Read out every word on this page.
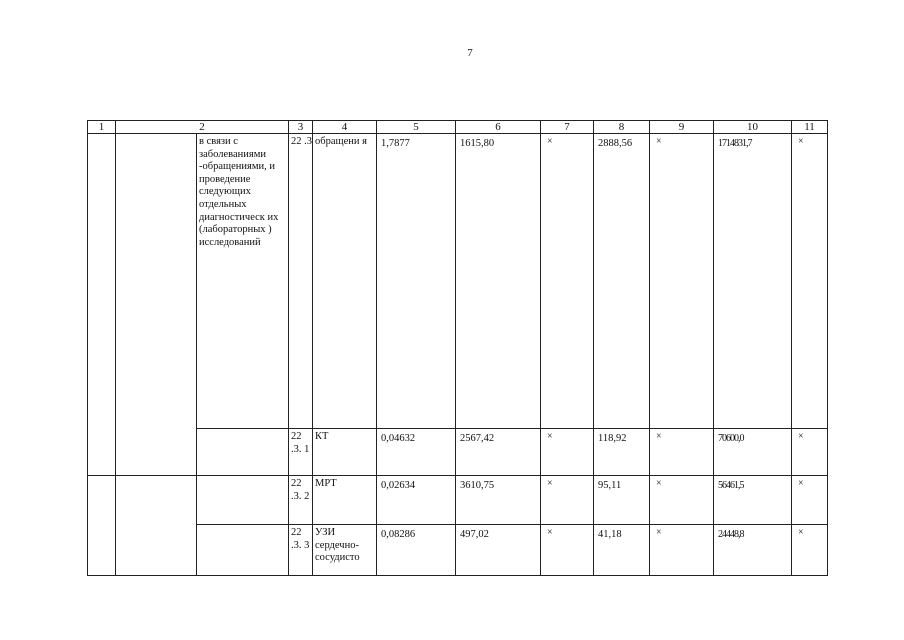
7
1	2		3	4	5	6	7	8	9	10	11
		в связи с заболеваниями -обращениями, и проведение следующих отдельных диагностическ их (лабораторных ) исследований	22 .3	обращени я	1,7877	1615,80	×	2888,56	×	1714831,7	×
			22 .3. 1	КТ	0,04632	2567,42	×	118,92	×	70600,0	×
			22 .3. 2	МРТ	0,02634	3610,75	×	95,11	×	56461,5	×
			22 .3. 3	УЗИ сердечно- сосудисто	0,08286	497,02	×	41,18	×	24448,8	×
